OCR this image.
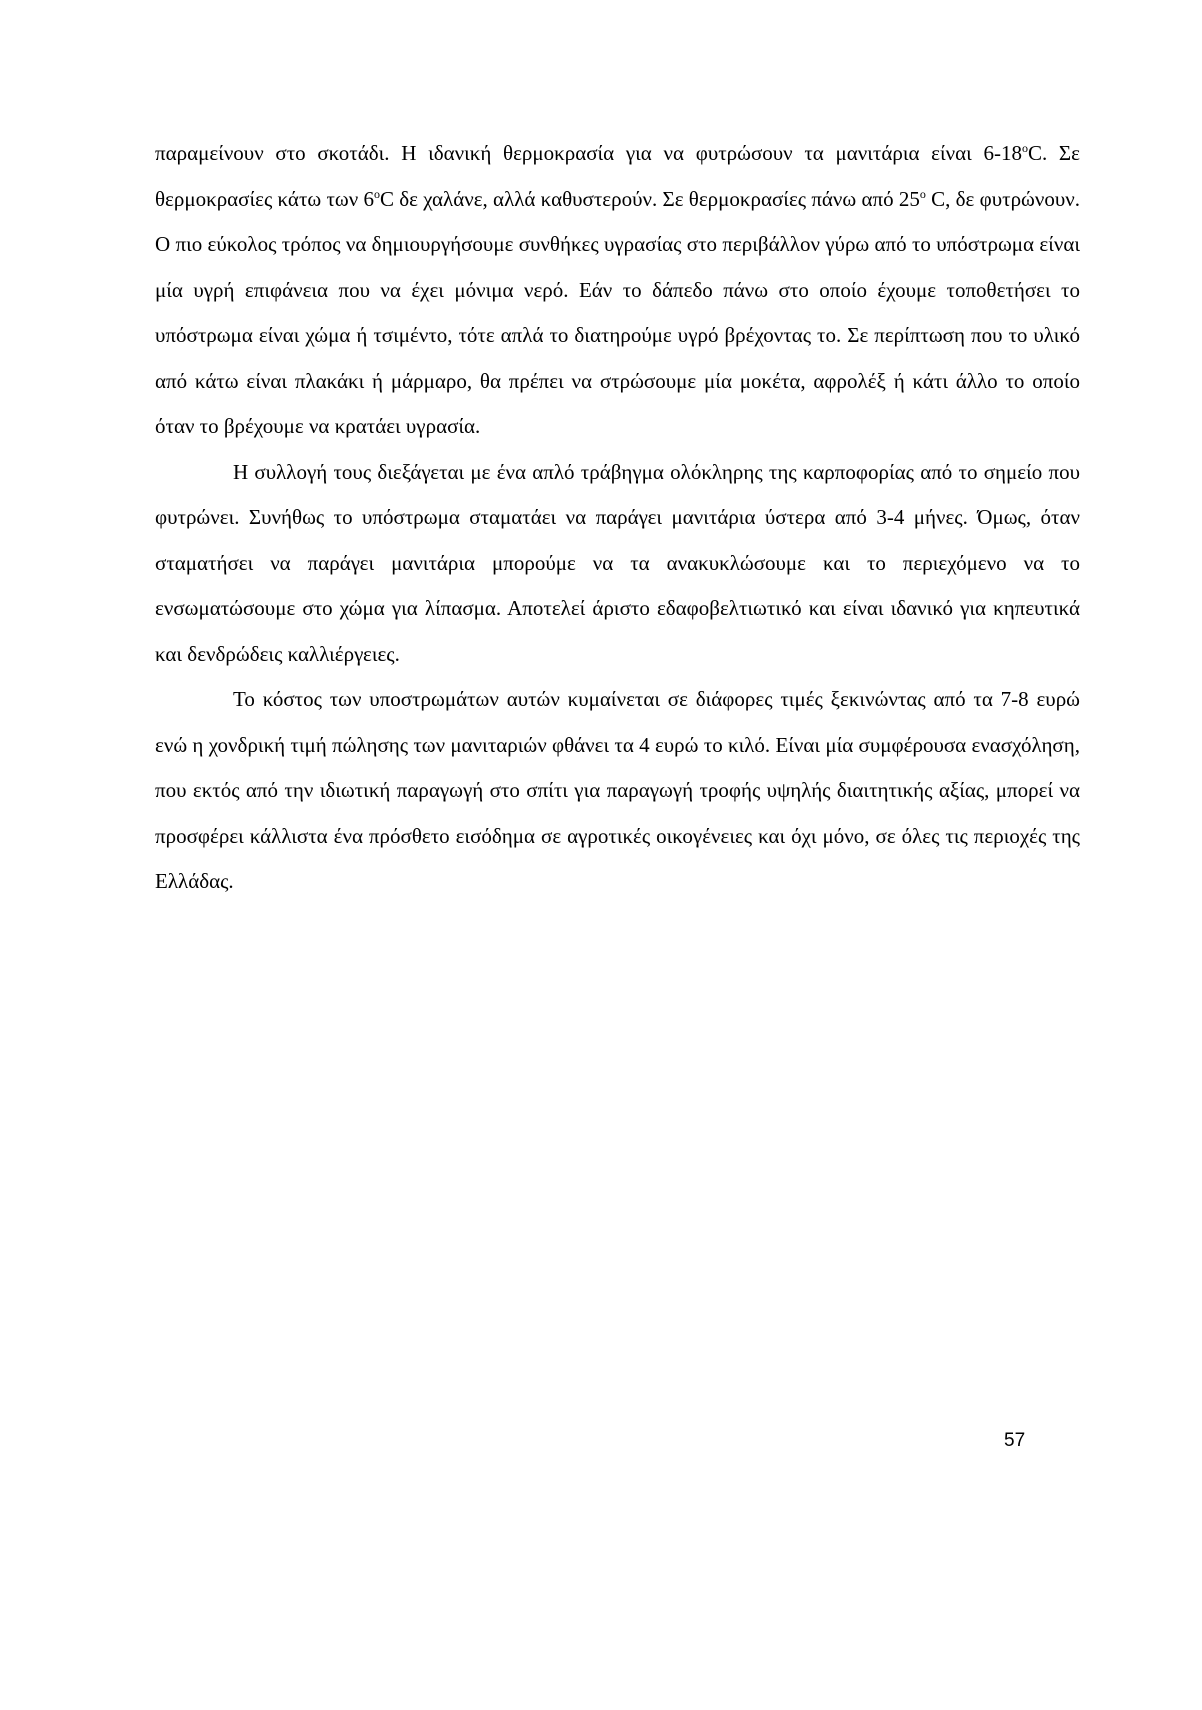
παραμείνουν στο σκοτάδι. Η ιδανική θερμοκρασία για να φυτρώσουν τα μανιτάρια είναι 6-18$^o$C. Σε θερμοκρασίες κάτω των 6$^o$C δε χαλάνε, αλλά καθυστερούν. Σε θερμοκρασίες πάνω από 25$^o$ C, δε φυτρώνουν. Ο πιο εύκολος τρόπος να δημιουργήσουμε συνθήκες υγρασίας στο περιβάλλον γύρω από το υπόστρωμα είναι μία υγρή επιφάνεια που να έχει μόνιμα νερό. Εάν το δάπεδο πάνω στο οποίο έχουμε τοποθετήσει το υπόστρωμα είναι χώμα ή τσιμέντο, τότε απλά το διατηρούμε υγρό βρέχοντας το. Σε περίπτωση που το υλικό από κάτω είναι πλακάκι ή μάρμαρο, θα πρέπει να στρώσουμε μία μοκέτα, αφρολέξ ή κάτι άλλο το οποίο όταν το βρέχουμε να κρατάει υγρασία.

Η συλλογή τους διεξάγεται με ένα απλό τράβηγμα ολόκληρης της καρποφορίας από το σημείο που φυτρώνει. Συνήθως το υπόστρωμα σταματάει να παράγει μανιτάρια ύστερα από 3-4 μήνες. Όμως, όταν σταματήσει να παράγει μανιτάρια μπορούμε να τα ανακυκλώσουμε και το περιεχόμενο να το ενσωματώσουμε στο χώμα για λίπασμα. Αποτελεί άριστο εδαφοβελτιωτικό και είναι ιδανικό για κηπευτικά και δενδρώδεις καλλιέργειες.

Το κόστος των υποστρωμάτων αυτών κυμαίνεται σε διάφορες τιμές ξεκινώντας από τα 7-8 ευρώ ενώ η χονδρική τιμή πώλησης των μανιταριών φθάνει τα 4 ευρώ το κιλό. Είναι μία συμφέρουσα ενασχόληση, που εκτός από την ιδιωτική παραγωγή στο σπίτι για παραγωγή τροφής υψηλής διαιτητικής αξίας, μπορεί να προσφέρει κάλλιστα ένα πρόσθετο εισόδημα σε αγροτικές οικογένειες και όχι μόνο, σε όλες τις περιοχές της Ελλάδας.

57
